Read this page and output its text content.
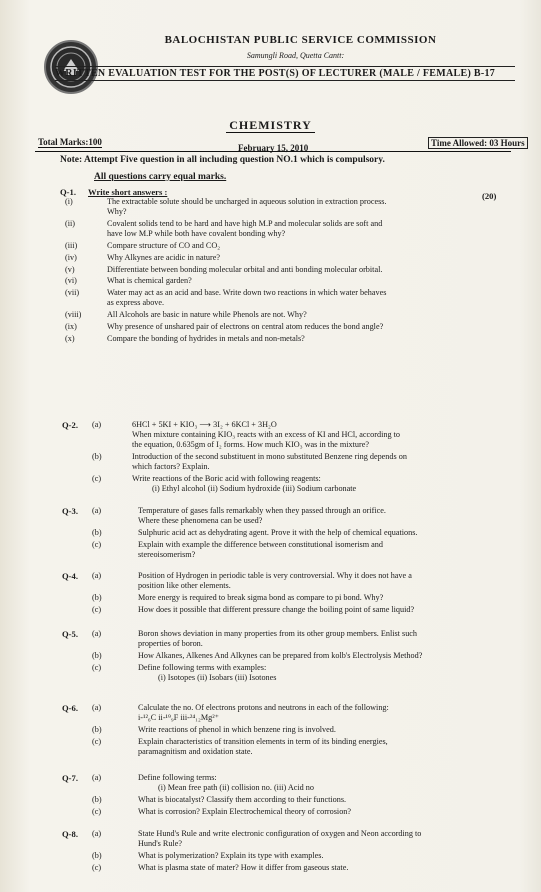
BALOCHISTAN PUBLIC SERVICE COMMISSION
Samungli Road, Quetta Cantt:
WRITTEN EVALUATION TEST FOR THE POST(S) OF LECTURER (MALE / FEMALE) B-17
CHEMISTRY
Total Marks:100
February 15, 2010	Time Allowed: 03 Hours
Note: Attempt Five question in all including question NO.1 which is compulsory.
All questions carry equal marks.
Q-1. Write short answers :	(20)
(i)	The extractable solute should be uncharged in aqueous solution in extraction process.
Why?
(ii)	Covalent solids tend to be hard and have high M.P and molecular solids are soft and
have low M.P while both have covalent bonding why?
(iii)	Compare structure of CO and CO₂
(iv)	Why Alkynes are acidic in nature?
(v)	Differentiate between bonding molecular orbital and anti bonding molecular orbital.
(vi)	What is chemical garden?
(vii)	Water may act as an acid and base. Write down two reactions in which water behaves
as express above.
(viii)	All Alcohols are basic in nature while Phenols are not. Why?
(ix)	Why presence of unshared pair of electrons on central atom reduces the bond angle?
(x)	Compare the bonding of hydrides in metals and non-metals?
Q-2. (a)	6HCl + 5KI + KIO₃ ⟶ 3I₂ + 6KCl + 3H₂O
When mixture containing KIO₃ reacts with an excess of KI and HCl, according to
the equation, 0.635gm of I₂ forms. How much KIO₃ was in the mixture?
(b)	Introduction of the second substituent in mono substituted Benzene ring depends on
which factors? Explain.
(c)	Write reactions of the Boric acid with following reagents:
(i) Ethyl alcohol (ii) Sodium hydroxide (iii) Sodium carbonate
Q-3. (a)	Temperature of gases falls remarkably when they passed through an orifice.
Where these phenomena can be used?
(b)	Sulphuric acid act as dehydrating agent. Prove it with the help of chemical equations.
(c)	Explain with example the difference between constitutional isomerism and
stereoisomerism?
Q-4. (a)	Position of Hydrogen in periodic table is very controversial. Why it does not have a
position like other elements.
(b)	More energy is required to break sigma bond as compare to pi bond. Why?
(c)	How does it possible that different pressure change the boiling point of same liquid?
Q-5. (a)	Boron shows deviation in many properties from its other group members. Enlist such
properties of boron.
(b)	How Alkanes, Alkenes And Alkynes can be prepared from kolb's Electrolysis Method?
(c)	Define following terms with examples:
(i) Isotopes (ii) Isobars (iii) Isotones
Q-6. (a)	Calculate the no. Of electrons protons and neutrons in each of the following:
i-¹²₆C ii-¹⁹₉F iii-²⁴₁₂Mg²⁺
(b)	Write reactions of phenol in which benzene ring is involved.
(c)	Explain characteristics of transition elements in term of its binding energies,
paramagnitism and oxidation state.
Q-7. (a)	Define following terms:
(i) Mean free path (ii) collision no. (iii) Acid no
(b)	What is biocatalyst? Classify them according to their functions.
(c)	What is corrosion? Explain Electrochemical theory of corrosion?
Q-8. (a)	State Hund's Rule and write electronic configuration of oxygen and Neon according to
Hund's Rule?
(b)	What is polymerization? Explain its type with examples.
(c)	What is plasma state of mater? How it differ from gaseous state.
